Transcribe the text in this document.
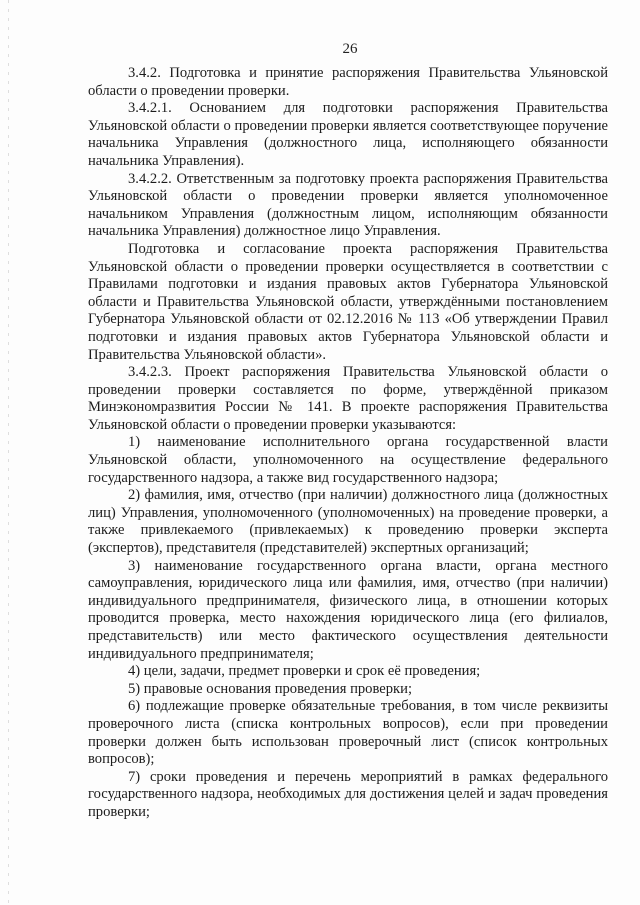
26

3.4.2. Подготовка и принятие распоряжения Правительства Ульяновской области о проведении проверки.

3.4.2.1. Основанием для подготовки распоряжения Правительства Ульяновской области о проведении проверки является соответствующее поручение начальника Управления (должностного лица, исполняющего обязанности начальника Управления).

3.4.2.2. Ответственным за подготовку проекта распоряжения Правительства Ульяновской области о проведении проверки является уполномоченное начальником Управления (должностным лицом, исполняющим обязанности начальника Управления) должностное лицо Управления.

Подготовка и согласование проекта распоряжения Правительства Ульяновской области о проведении проверки осуществляется в соответствии с Правилами подготовки и издания правовых актов Губернатора Ульяновской области и Правительства Ульяновской области, утверждёнными постановлением Губернатора Ульяновской области от 02.12.2016 № 113 «Об утверждении Правил подготовки и издания правовых актов Губернатора Ульяновской области и Правительства Ульяновской области».

3.4.2.3. Проект распоряжения Правительства Ульяновской области о проведении проверки составляется по форме, утверждённой приказом Минэкономразвития России № 141. В проекте распоряжения Правительства Ульяновской области о проведении проверки указываются:

1) наименование исполнительного органа государственной власти Ульяновской области, уполномоченного на осуществление федерального государственного надзора, а также вид государственного надзора;

2) фамилия, имя, отчество (при наличии) должностного лица (должностных лиц) Управления, уполномоченного (уполномоченных) на проведение проверки, а также привлекаемого (привлекаемых) к проведению проверки эксперта (экспертов), представителя (представителей) экспертных организаций;

3) наименование государственного органа власти, органа местного самоуправления, юридического лица или фамилия, имя, отчество (при наличии) индивидуального предпринимателя, физического лица, в отношении которых проводится проверка, место нахождения юридического лица (его филиалов, представительств) или место фактического осуществления деятельности индивидуального предпринимателя;

4) цели, задачи, предмет проверки и срок её проведения;

5) правовые основания проведения проверки;

6) подлежащие проверке обязательные требования, в том числе реквизиты проверочного листа (списка контрольных вопросов), если при проведении проверки должен быть использован проверочный лист (список контрольных вопросов);

7) сроки проведения и перечень мероприятий в рамках федерального государственного надзора, необходимых для достижения целей и задач проведения проверки;
